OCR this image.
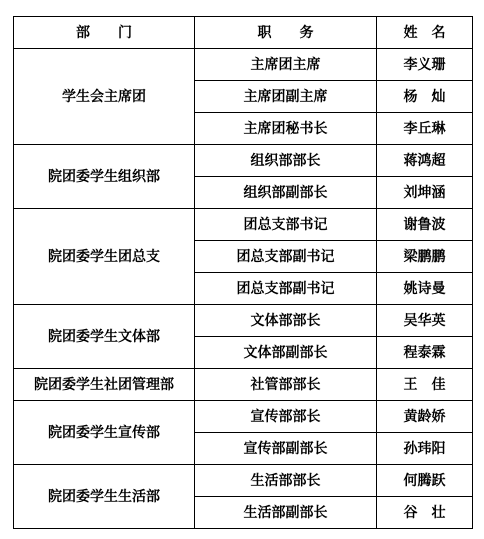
部　　门	职　　务	姓　名
学生会主席团	主席团主席	李义珊
	主席团副主席	杨　灿
	主席团秘书长	李丘琳
院团委学生组织部	组织部部长	蒋鸿超
	组织部副部长	刘坤涵
院团委学生团总支	团总支部书记	谢鲁波
	团总支部副书记	梁鹏鹏
	团总支部副书记	姚诗曼
院团委学生文体部	文体部部长	吴华英
	文体部副部长	程泰霖
院团委学生社团管理部	社管部部长	王　佳
院团委学生宣传部	宣传部部长	黄龄娇
	宣传部副部长	孙玮阳
院团委学生生活部	生活部部长	何腾跃
	生活部副部长	谷　壮
